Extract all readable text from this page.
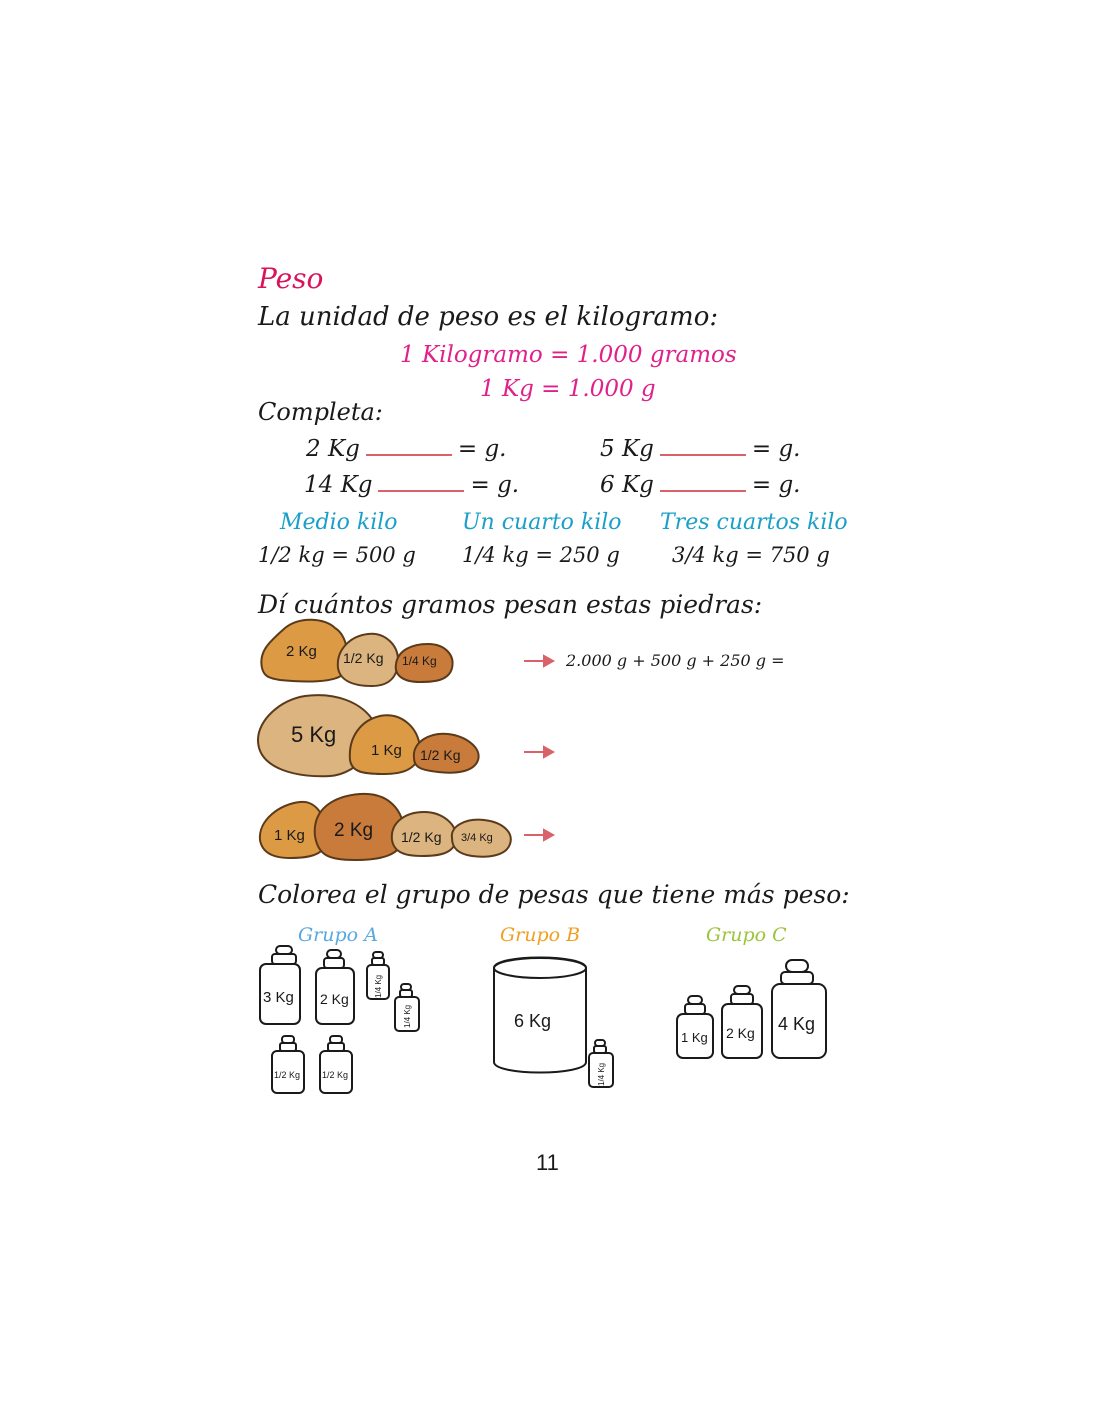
Peso
La unidad de peso es el kilogramo:
1 Kilogramo = 1.000 gramos
1 Kg = 1.000 g
Completa:
2 Kg	= g.	5 Kg	= g.
14 Kg	= g.	6 Kg	= g.
Medio kilo	Un cuarto kilo Tres cuartos kilo
1/2 kg = 500 g 1/4 kg = 250 g 3/4 kg = 750 g
Dí cuántos gramos pesan estas piedras:
2 Kg 1/2 Kg 1/4 Kg
5 Kg
1 Kg 1/2 Kg
1 Kg 2 Kg 1/2 Kg 3/4 Kg
2.000 g + 500 g + 250 g =
Colorea el grupo de pesas que tiene más peso:
Grupo A	Grupo B	Grupo C
3 Kg 2 Kg
1/4 Kg
1/4 Kg
1/2 Kg 1/2 Kg
6 Kg
1/4 Kg
1 Kg 2 Kg 4 Kg
11
